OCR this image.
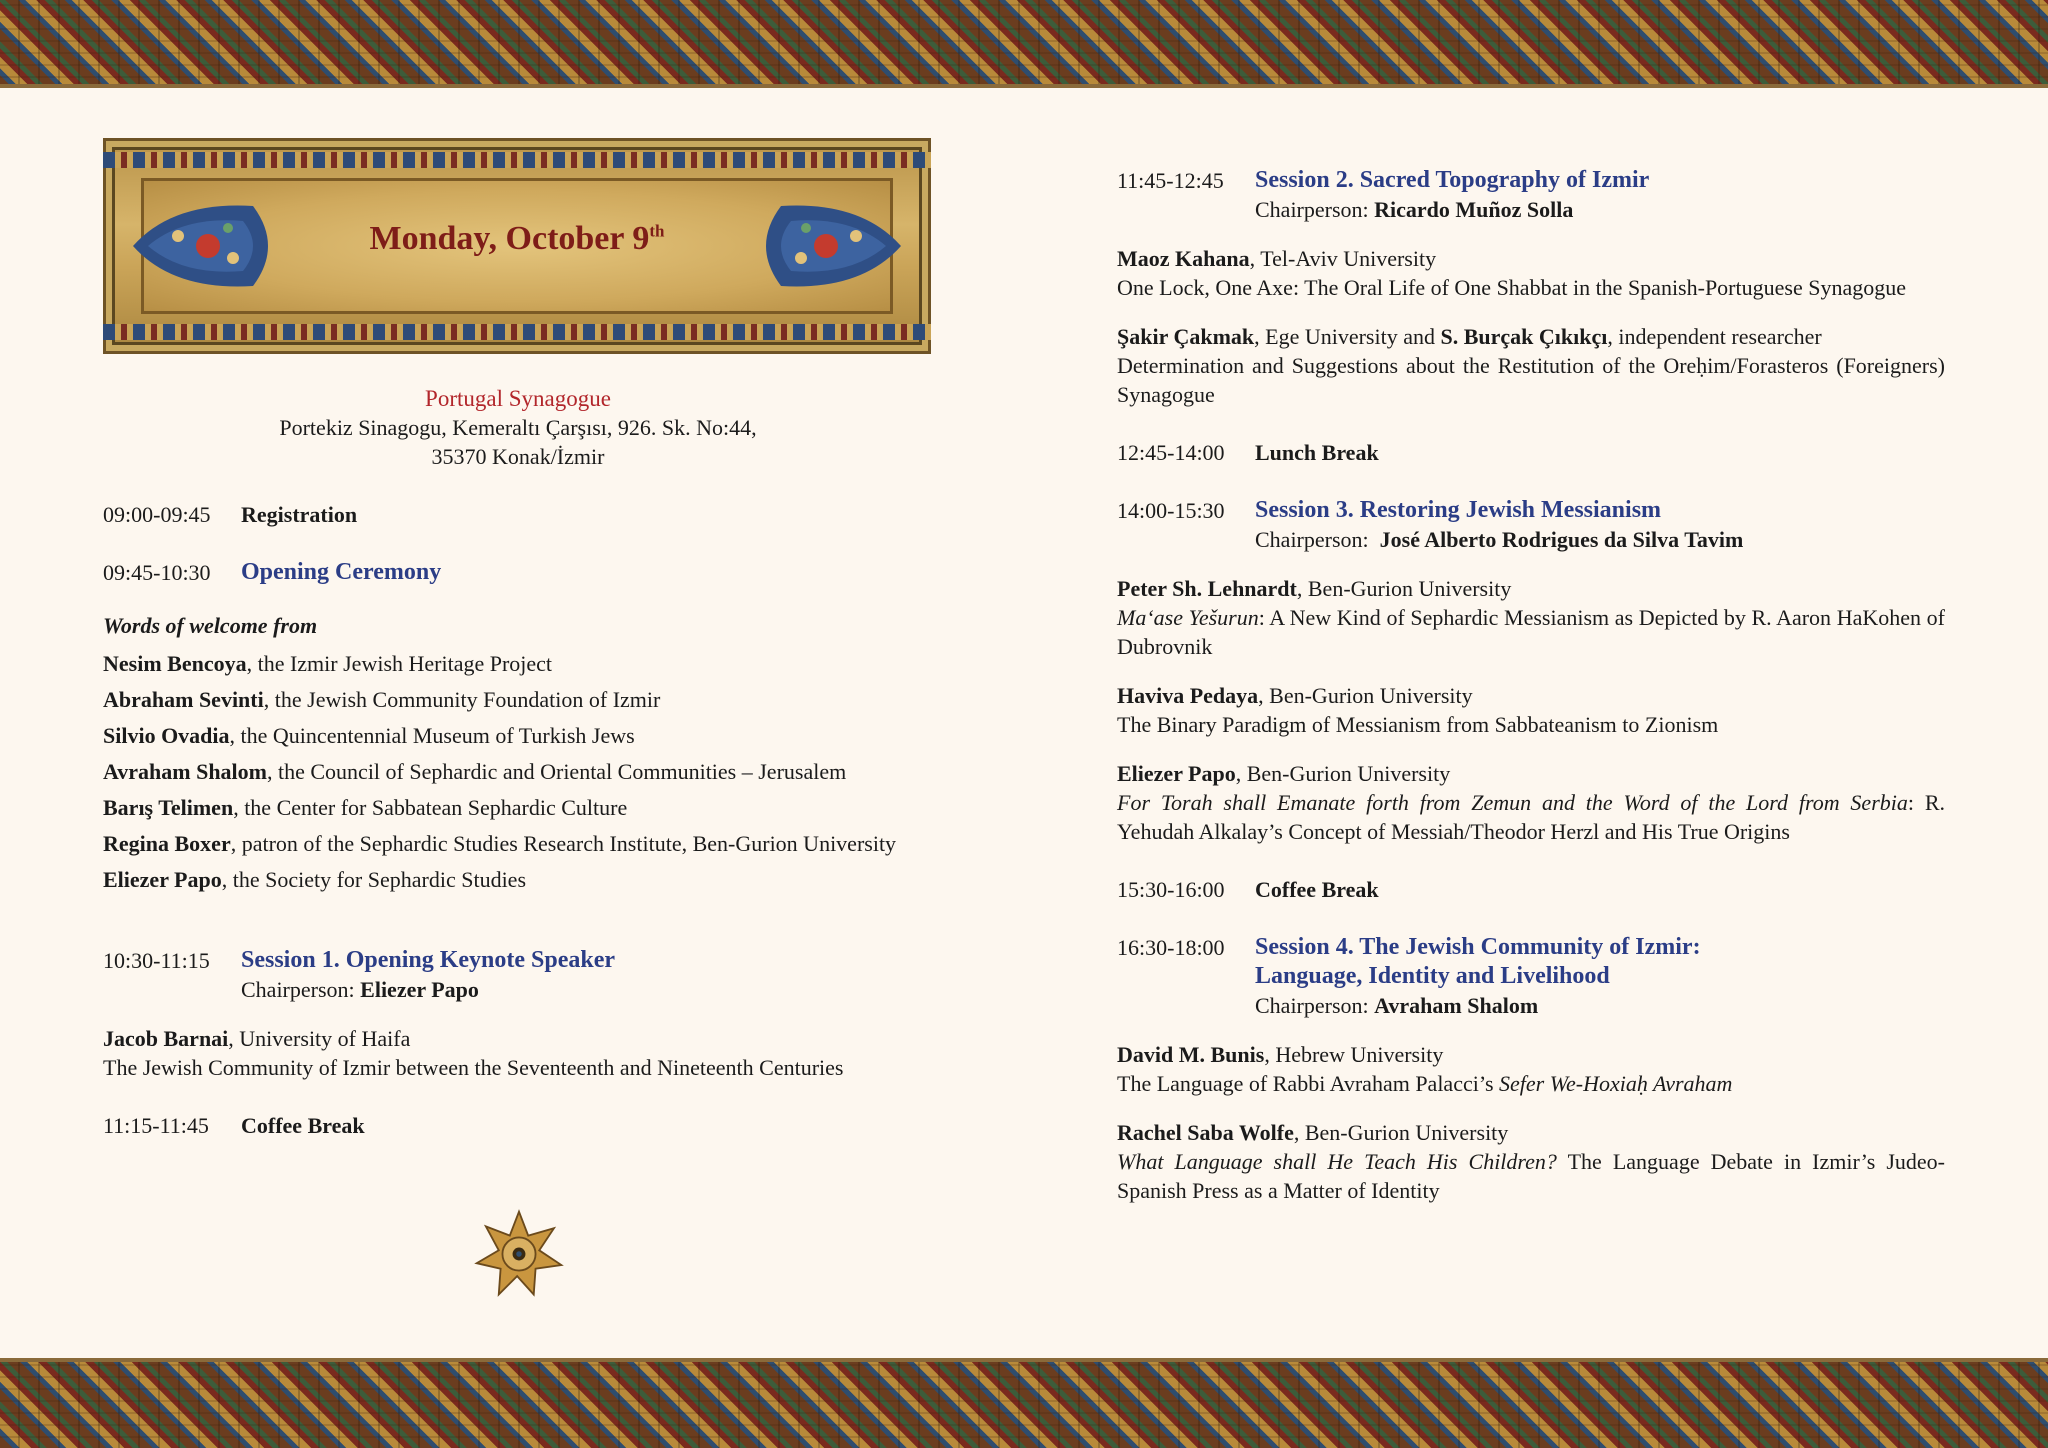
Monday, October 9th
Portugal Synagogue
Portekiz Sinagogu, Kemeraltı Çarşısı, 926. Sk. No:44,
35370 Konak/İzmir
09:00-09:45	Registration
09:45-10:30	Opening Ceremony
Words of welcome from
Nesim Bencoya, the Izmir Jewish Heritage Project
Abraham Sevinti, the Jewish Community Foundation of Izmir
Silvio Ovadia, the Quincentennial Museum of Turkish Jews
Avraham Shalom, the Council of Sephardic and Oriental Communities – Jerusalem
Barış Telimen, the Center for Sabbatean Sephardic Culture
Regina Boxer, patron of the Sephardic Studies Research Institute, Ben-Gurion University
Eliezer Papo, the Society for Sephardic Studies
10:30-11:15	Session 1. Opening Keynote Speaker
Chairperson: Eliezer Papo
Jacob Barnai, University of Haifa
The Jewish Community of Izmir between the Seventeenth and Nineteenth Centuries
11:15-11:45	Coffee Break
11:45-12:45	Session 2. Sacred Topography of Izmir
Chairperson: Ricardo Muñoz Solla
Maoz Kahana, Tel-Aviv University
One Lock, One Axe: The Oral Life of One Shabbat in the Spanish-Portuguese Synagogue
Şakir Çakmak, Ege University and S. Burçak Çıkıkçı, independent researcher
Determination and Suggestions about the Restitution of the Oreḥim/Forasteros (Foreigners) Synagogue
12:45-14:00	Lunch Break
14:00-15:30	Session 3. Restoring Jewish Messianism
Chairperson:  José Alberto Rodrigues da Silva Tavim
Peter Sh. Lehnardt, Ben-Gurion University
Ma‘ase Yešurun: A New Kind of Sephardic Messianism as Depicted by R. Aaron HaKohen of Dubrovnik
Haviva Pedaya, Ben-Gurion University
The Binary Paradigm of Messianism from Sabbateanism to Zionism
Eliezer Papo, Ben-Gurion University
For Torah shall Emanate forth from Zemun and the Word of the Lord from Serbia: R. Yehudah Alkalay’s Concept of Messiah/Theodor Herzl and His True Origins
15:30-16:00	Coffee Break
16:30-18:00	Session 4. The Jewish Community of Izmir:
Language, Identity and Livelihood
Chairperson: Avraham Shalom
David M. Bunis, Hebrew University
The Language of Rabbi Avraham Palacci’s Sefer We-Hoxiaḥ Avraham
Rachel Saba Wolfe, Ben-Gurion University
What Language shall He Teach His Children? The Language Debate in Izmir’s Judeo-Spanish Press as a Matter of Identity
